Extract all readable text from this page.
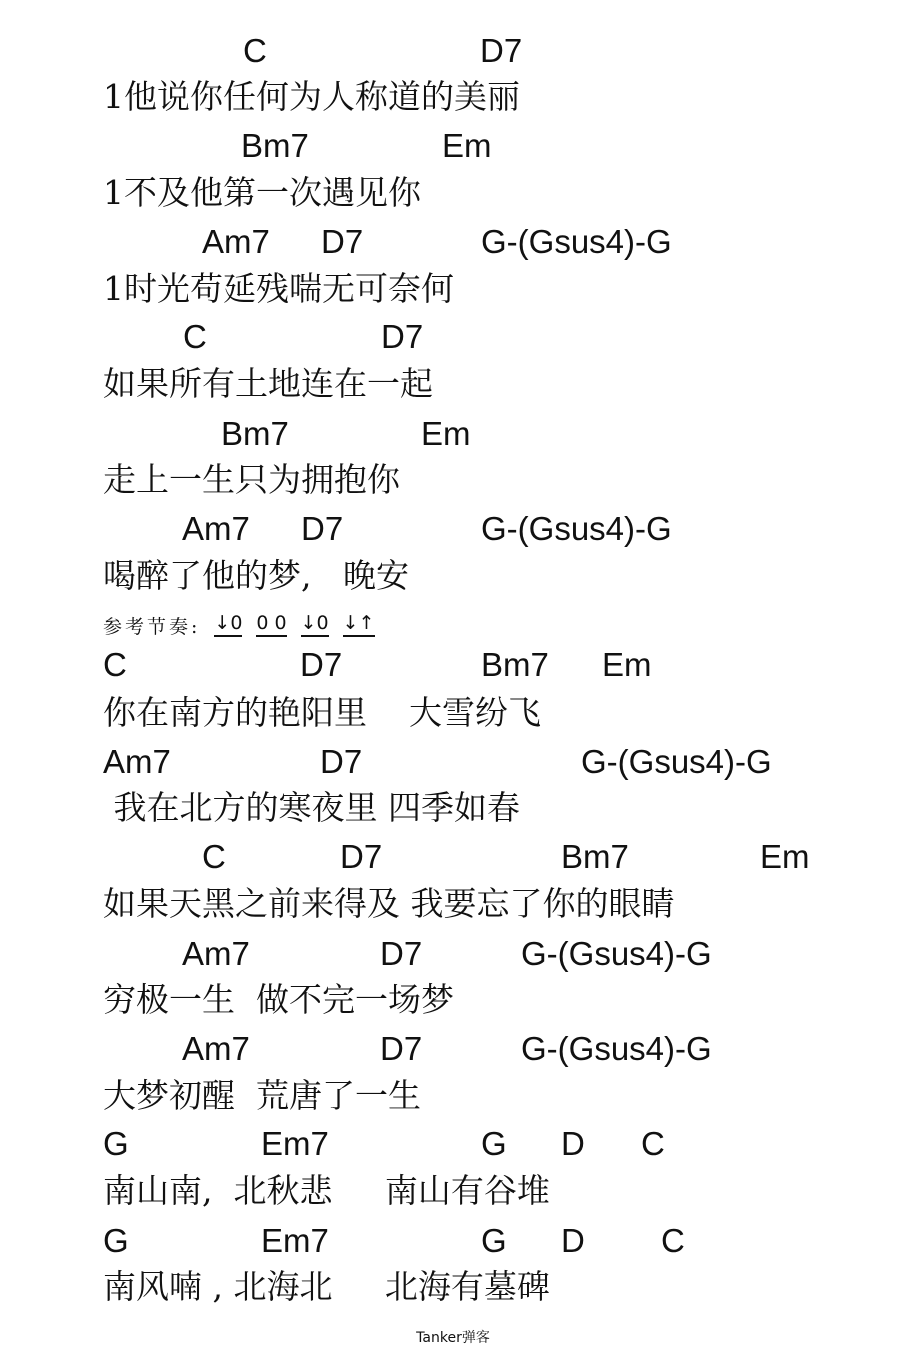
参考节奏: ↓0 0 0 ↓0 ↓↑
Tanker弹客
C	D7
1他说你任何为人称道的美丽
Bm7	Em
1不及他第一次遇见你
Am7 D7	G-(Gsus4)-G
1时光苟延残喘无可奈何
C	D7
如果所有土地连在一起
Bm7	Em
走上一生只为拥抱你
Am7 D7	G-(Gsus4)-G
喝醉了他的梦,   晚安
C	D7	Bm7 Em
你在南方的艳阳里    大雪纷飞
Am7	D7	G-(Gsus4)-G
我在北方的寒夜里 四季如春
C	D7	Bm7	Em
如果天黑之前来得及 我要忘了你的眼睛
Am7	D7	G-(Gsus4)-G
穷极一生  做不完一场梦
Am7	D7	G-(Gsus4)-G
大梦初醒  荒唐了一生
G	Em7	G D C
南山南,  北秋悲     南山有谷堆
G	Em7	G D C
南风喃 , 北海北     北海有墓碑
